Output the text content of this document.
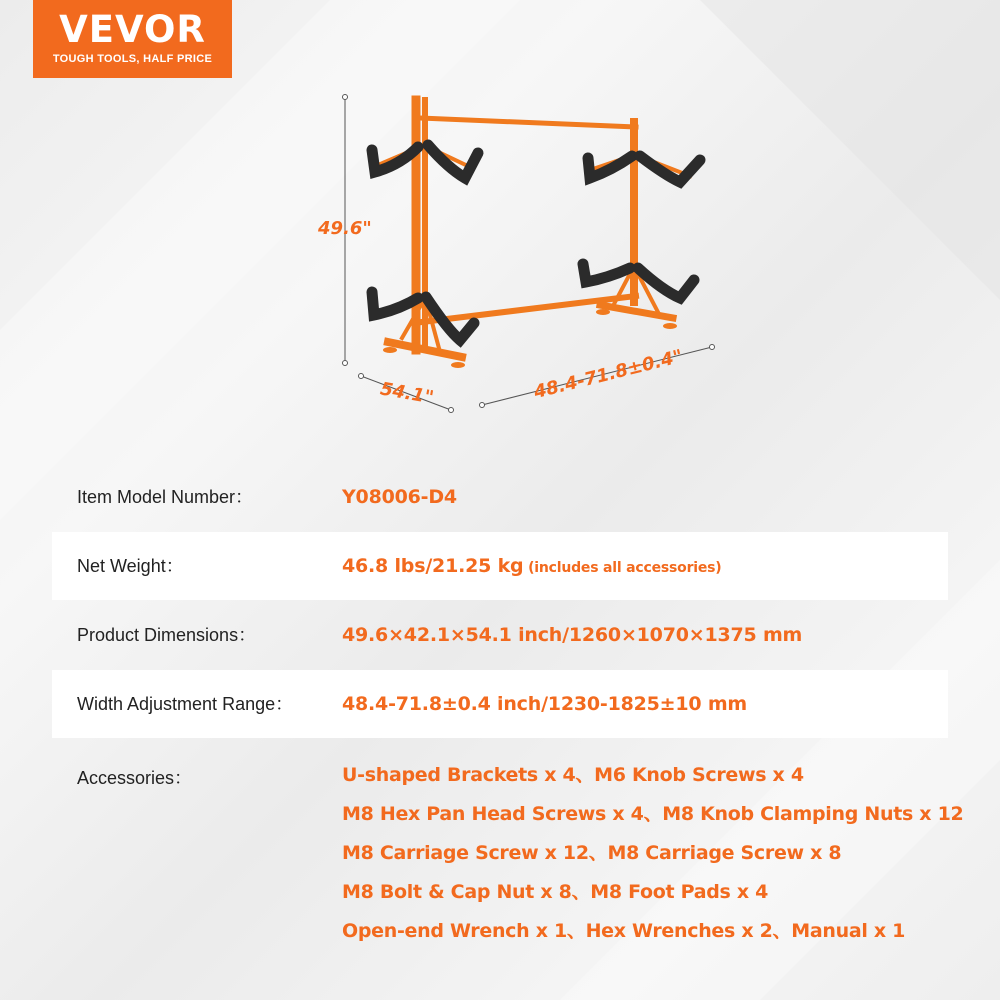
VEVOR
TOUGH TOOLS, HALF PRICE
49.6"
54.1"	48.4-71.8±0.4"
Item Model Number：	Y08006-D4
Net Weight：	46.8 lbs/21.25 kg (includes all accessories)
Product Dimensions：	49.6×42.1×54.1 inch/1260×1070×1375 mm
Width Adjustment Range：	48.4-71.8±0.4 inch/1230-1825±10 mm
Accessories：	U-shaped Brackets x 4、M6 Knob Screws x 4
M8 Hex Pan Head Screws x 4、M8 Knob Clamping Nuts x 12
M8 Carriage Screw x 12、M8 Carriage Screw x 8
M8 Bolt & Cap Nut x 8、M8 Foot Pads x 4
Open-end Wrench x 1、Hex Wrenches x 2、Manual x 1
